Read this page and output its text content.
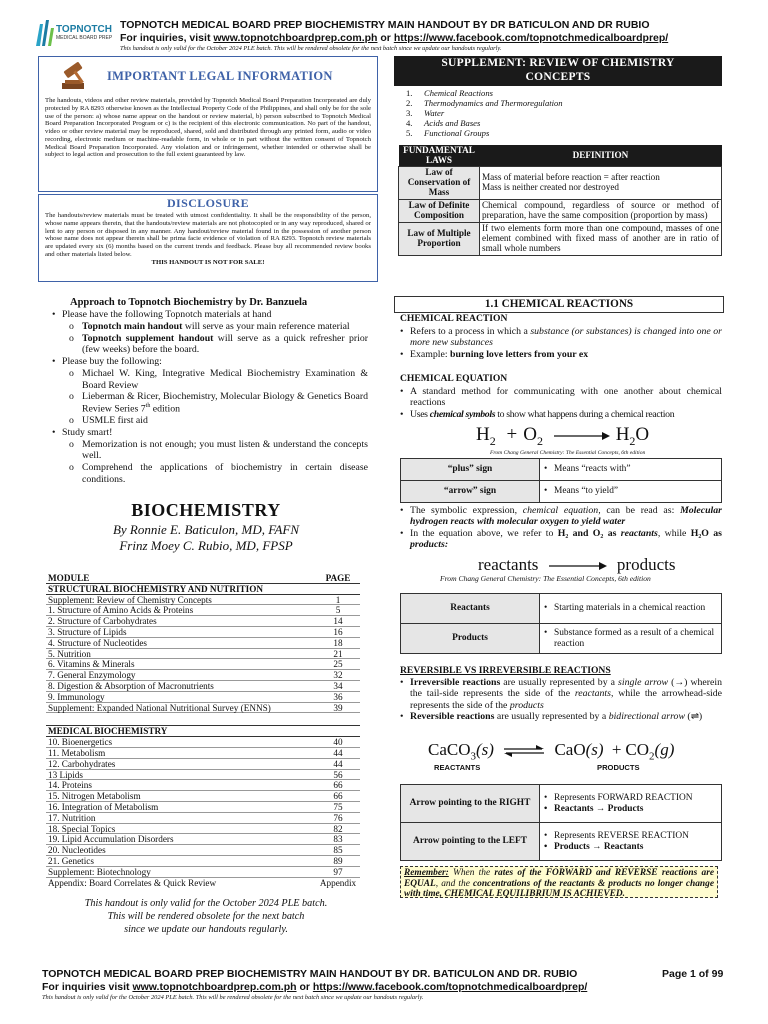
TOPNOTCH
MEDICAL BOARD PREP
TOPNOTCH MEDICAL BOARD PREP BIOCHEMISTRY MAIN HANDOUT BY DR BATICULON AND DR RUBIO
For inquiries, visit www.topnotchboardprep.com.ph or https://www.facebook.com/topnotchmedicalboardprep/
This handout is only valid for the October 2024 PLE batch. This will be rendered obsolete for the next batch since we update our handouts regularly.
IMPORTANT LEGAL INFORMATION
The handouts, videos and other review materials, provided by Topnotch Medical Board Preparation Incorporated are duly protected by RA 8293 otherwise known as the Intellectual Property Code of the Philippines, and shall only be for the sole use of the person: a) whose name appear on the handout or review material, b) person subscribed to Topnotch Medical Board Preparation Incorporated Program or c) is the recipient of this electronic communication. No part of the handout, video or other review material may be reproduced, shared, sold and distributed through any printed form, audio or video recording, electronic medium or machine-readable form, in whole or in part without the written consent of Topnotch Medical Board Preparation Incorporated. Any violation and or infringement, whether intended or otherwise shall be subject to legal action and prosecution to the full extent guaranteed by law.
DISCLOSURE
The handouts/review materials must be treated with utmost confidentiality. It shall be the responsibility of the person, whose name appears therein, that the handouts/review materials are not photocopied or in any way reproduced, shared or lent to any person or disposed in any manner. Any handout/review material found in the possession of another person whose name does not appear therein shall be prima facie evidence of violation of RA 8293. Topnotch review materials are updated every six (6) months based on the current trends and feedback. Please buy all recommended review books and other materials listed below.
THIS HANDOUT IS NOT FOR SALE!
Approach to Topnotch Biochemistry by Dr. Banzuela
• Please have the following Topnotch materials at hand
o Topnotch main handout will serve as your main reference material
o Topnotch supplement handout will serve as a quick refresher prior (few weeks) before the board.
• Please buy the following:
o Michael W. King, Integrative Medical Biochemistry Examination & Board Review
o Lieberman & Ricer, Biochemistry, Molecular Biology & Genetics Board Review Series 7th edition
o USMLE first aid
• Study smart!
o Memorization is not enough; you must listen & understand the concepts well.
o Comprehend the applications of biochemistry in certain disease conditions.
BIOCHEMISTRY
By Ronnie E. Baticulon, MD, FAFN
Frinz Moey C. Rubio, MD, FPSP
MODULE	PAGE
STRUCTURAL BIOCHEMISTRY AND NUTRITION
Supplement: Review of Chemistry Concepts	1
1. Structure of Amino Acids & Proteins	5
2. Structure of Carbohydrates	14
3. Structure of Lipids	16
4. Structure of Nucleotides	18
5. Nutrition	21
6. Vitamins & Minerals	25
7. General Enzymology	32
8. Digestion & Absorption of Macronutrients	34
9. Immunology	36
Supplement: Expanded National Nutritional Survey (ENNS)	39
MEDICAL BIOCHEMISTRY
10. Bioenergetics	40
11. Metabolism	44
12. Carbohydrates	44
13 Lipids	56
14. Proteins	66
15. Nitrogen Metabolism	66
16. Integration of Metabolism	75
17. Nutrition	76
18. Special Topics	82
19. Lipid Accumulation Disorders	83
20. Nucleotides	85
21. Genetics	89
Supplement: Biotechnology	97
Appendix: Board Correlates & Quick Review	Appendix
This handout is only valid for the October 2024 PLE batch.
This will be rendered obsolete for the next batch
since we update our handouts regularly.
SUPPLEMENT: REVIEW OF CHEMISTRY
CONCEPTS
1. Chemical Reactions
2. Thermodynamics and Thermoregulation
3. Water
4. Acids and Bases
5. Functional Groups
FUNDAMENTAL LAWS	DEFINITION
Law of Conservation of Mass	Mass of material before reaction = after reaction
Mass is neither created nor destroyed

Law of Definite Composition	Chemical compound, regardless of source or method of preparation, have the same composition (proportion by mass)

Law of Multiple Proportion	If two elements form more than one compound, masses of one element combined with fixed mass of another are in ratio of small whole numbers
1.1 CHEMICAL REACTIONS
CHEMICAL REACTION
• Refers to a process in which a substance (or substances) is changed into one or more new substances
• Example: burning love letters from your ex
CHEMICAL EQUATION
• A standard method for communicating with one another about chemical reactions
• Uses chemical symbols to show what happens during a chemical reaction
$H_2 + O_2 \to H_2O$
From Chang General Chemistry: The Essential Concepts, 6th edition
“plus” sign	• Means “reacts with”

“arrow” sign	• Means “to yield”
• The symbolic expression, chemical equation, can be read as: Molecular hydrogen reacts with molecular oxygen to yield water
• In the equation above, we refer to H₂ and O₂ as reactants, while H₂O as products:
reactants → products
From Chang General Chemistry: The Essential Concepts, 6th edition
Reactants	• Starting materials in a chemical reaction

Products	• Substance formed as a result of a chemical reaction
REVERSIBLE VS IRREVERSIBLE REACTIONS
• Irreversible reactions are usually represented by a single arrow (→) wherein the tail-side represents the side of the reactants, while the arrowhead-side represents the side of the products
• Reversible reactions are usually represented by a bidirectional arrow (⇌)
CaCO$_3$(s) ⇌ $CaO(s) + CO_2(g)$
REACTANTS	PRODUCTS
Arrow pointing to the RIGHT	• Represents FORWARD REACTION
• Reactants → Products

Arrow pointing to the LEFT	• Represents REVERSE REACTION
• Products → Reactants
Remember: When the rates of the FORWARD and REVERSE reactions are EQUAL, and the concentrations of the reactants & products no longer change with time, CHEMICAL EQUILIBRIUM IS ACHIEVED.
TOPNOTCH MEDICAL BOARD PREP BIOCHEMISTRY MAIN HANDOUT BY DR. BATICULON AND DR. RUBIO	Page 1 of 99
For inquiries visit www.topnotchboardprep.com.ph or https://www.facebook.com/topnotchmedicalboardprep/
This handout is only valid for the October 2024 PLE batch. This will be rendered obsolete for the next batch since we update our handouts regularly.
